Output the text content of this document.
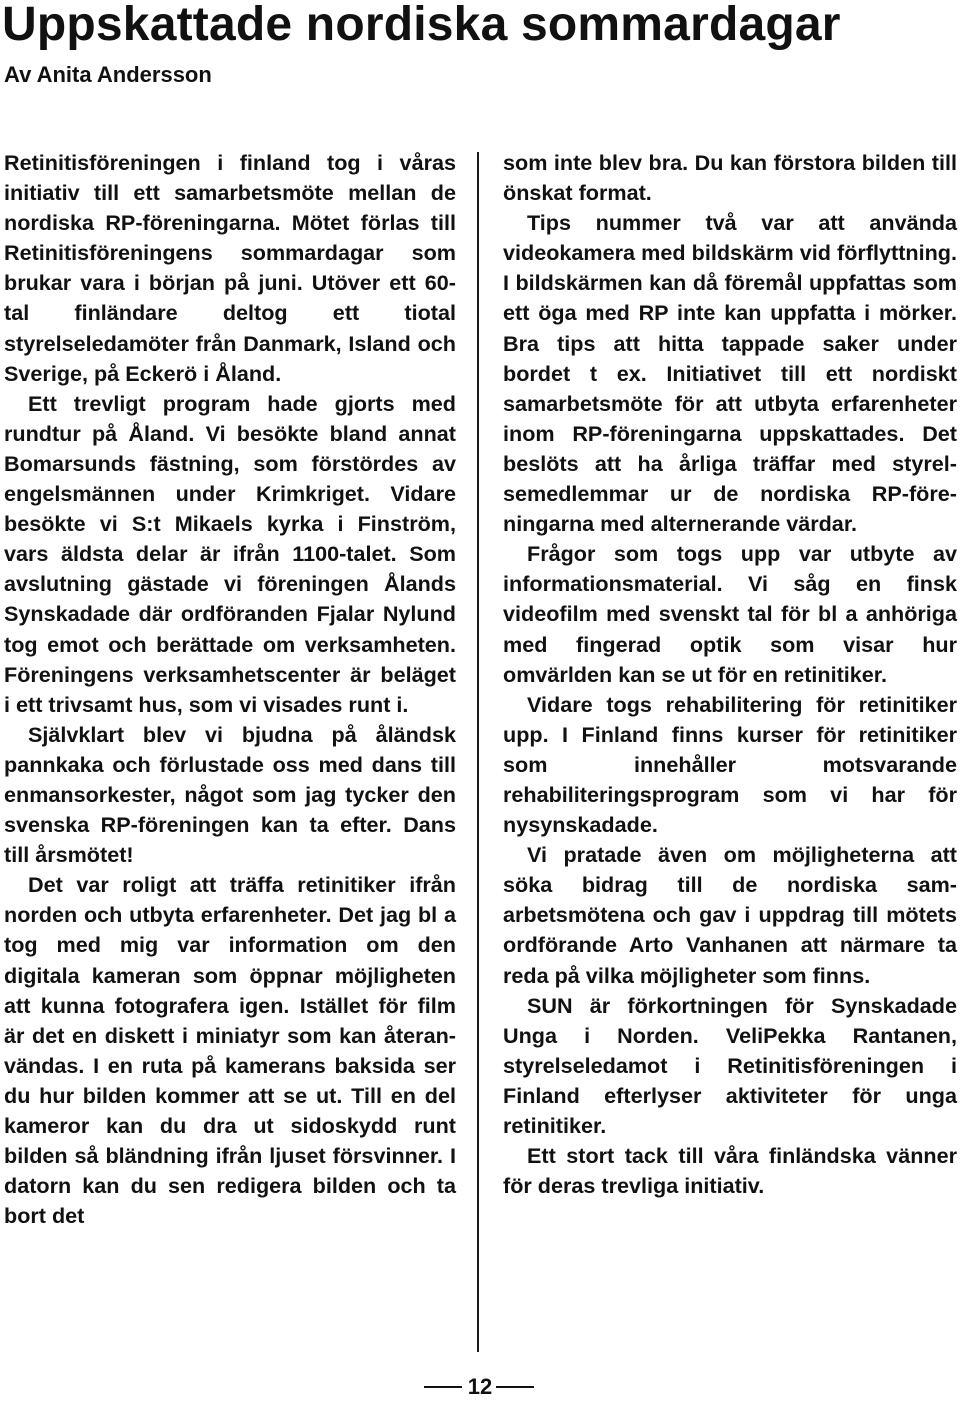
Uppskattade nordiska sommardagar
Av Anita Andersson

Retinitisföreningen i finland tog i våras initiativ till ett samarbetsmöte mellan de nordiska RP-föreningarna. Mötet förlas till Retinitisföreningens sommardagar som brukar vara i början på juni. Utöver ett 60-tal finländare deltog ett tiotal styrelseledamöter från Danmark, Island och Sverige, på Eckerö i Åland.

Ett trevligt program hade gjorts med rundtur på Åland. Vi besökte bland annat Bomarsunds fästning, som förstördes av engelsmännen under Krimkriget. Vidare besökte vi S:t Mikaels kyrka i Finström, vars äldsta delar är ifrån 1100-talet. Som avslutning gästade vi föreningen Ålands Synskadade där ordföranden Fjalar Nylund tog emot och berättade om verksamheten. Föreningens verksamhetscenter är beläget i ett trivsamt hus, som vi visades runt i.

Självklart blev vi bjudna på åländsk pannkaka och förlustade oss med dans till enmansorkester, något som jag tycker den svenska RP-föreningen kan ta efter. Dans till årsmötet!

Det var roligt att träffa retinitiker ifrån norden och utbyta erfarenheter. Det jag bl a tog med mig var information om den digitala kameran som öppnar möjligheten att kunna fotografera igen. Istället för film är det en diskett i miniatyr som kan återanvändas. I en ruta på kamerans baksida ser du hur bilden kommer att se ut. Till en del kameror kan du dra ut sidoskydd runt bilden så bländning ifrån ljuset försvinner. I datorn kan du sen redigera bilden och ta bort det

som inte blev bra. Du kan förstora bilden till önskat format.

Tips nummer två var att använda videokamera med bildskärm vid förflyttning. I bildskärmen kan då föremål uppfattas som ett öga med RP inte kan uppfatta i mörker. Bra tips att hitta tappade saker under bordet t ex. Initiativet till ett nordiskt samarbetsmöte för att utbyta erfarenheter inom RP-föreningarna uppskattades. Det beslöts att ha årliga träffar med styrelsemedlemmar ur de nordiska RP-föreningarna med alternerande värdar.

Frågor som togs upp var utbyte av informationsmaterial. Vi såg en finsk videofilm med svenskt tal för bl a anhöriga med fingerad optik som visar hur omvärlden kan se ut för en retinitiker.

Vidare togs rehabilitering för retinitiker upp. I Finland finns kurser för retinitiker som innehåller motsvarande rehabiliteringsprogram som vi har för nysynskadade.

Vi pratade även om möjligheterna att söka bidrag till de nordiska samarbetsmötena och gav i uppdrag till mötets ordförande Arto Vanhanen att närmare ta reda på vilka möjligheter som finns.

SUN är förkortningen för Synskadade Unga i Norden. VeliPekka Rantanen, styrelseledamot i Retinitisföreningen i Finland efterlyser aktiviteter för unga retinitiker.

Ett stort tack till våra finländska vänner för deras trevliga initiativ.

12
